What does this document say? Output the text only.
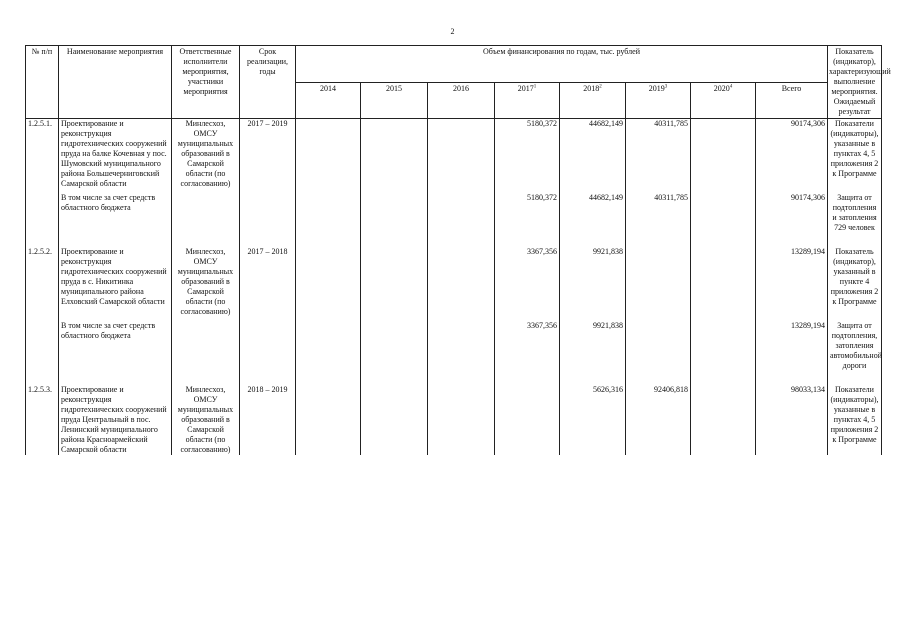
2
№ п/п	Наименование мероприятия	Ответственные исполнители мероприятия, участники мероприятия	Срок реализации, годы	Объем финансирования по годам, тыс. рублей								Показатель (индикатор), характеризующий выполнение мероприятия. Ожидаемый результат
				2014	2015	2016	2017$^1$	2018$^2$	2019$^3$	2020$^4$	Всего	
1.2.5.1.	Проектирование и реконструкция гидротехнических сооружений пруда на балке Кочевная у пос. Шумовский муниципального района Большечерниговский Самарской области	Минлесхоз, ОМСУ муниципальных образований в Самарской области (по согласованию)	2017 – 2019				5180,372	44682,149	40311,785		90174,306	Показатели (индикаторы), указанные в пунктах 4, 5 приложения 2 к Программе

	В том числе за счет средств областного бюджета						5180,372	44682,149	40311,785		90174,306	Защита от подтопления и затопления 729 человек

1.2.5.2.	Проектирование и реконструкция гидротехнических сооружений пруда в с. Никитинка муниципального района Елховский Самарской области	Минлесхоз, ОМСУ муниципальных образований в Самарской области (по согласованию)	2017 – 2018				3367,356	9921,838			13289,194	Показатель (индикатор), указанный в пункте 4 приложения 2 к Программе

	В том числе за счет средств областного бюджета						3367,356	9921,838			13289,194	Защита от подтопления, затопления автомобильной дороги

1.2.5.3.	Проектирование и реконструкция гидротехнических сооружений пруда Центральный в пос. Ленинский муниципального района Красноармейский Самарской области	Минлесхоз, ОМСУ муниципальных образований в Самарской области (по согласованию)	2018 – 2019					5626,316	92406,818		98033,134	Показатели (индикаторы), указанные в пунктах 4, 5 приложения 2 к Программе
